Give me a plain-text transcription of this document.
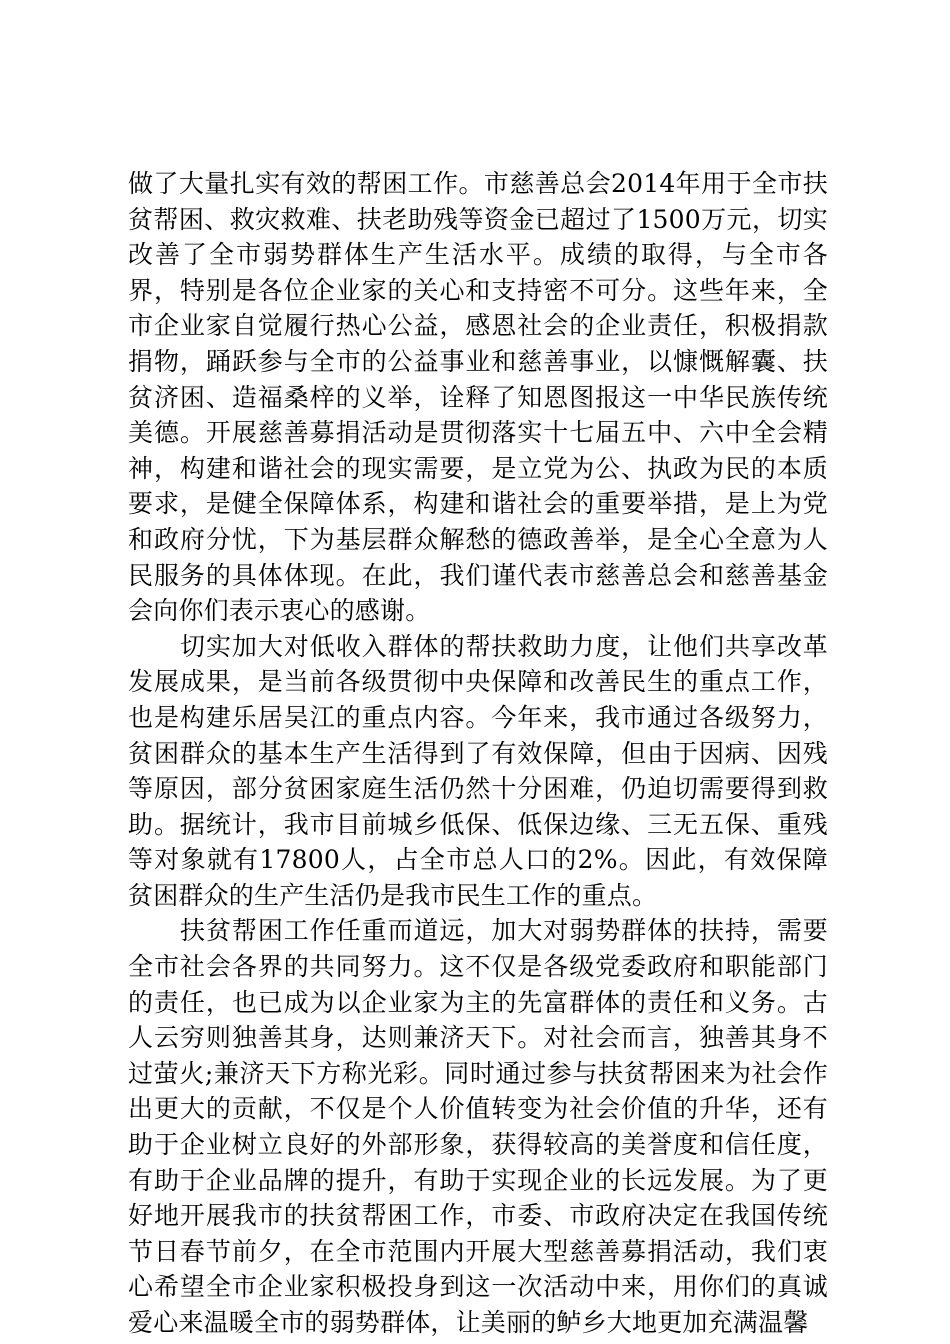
做了大量扎实有效的帮困工作。市慈善总会2014年用于全市扶贫帮困、救灾救难、扶老助残等资金已超过了1500万元，切实改善了全市弱势群体生产生活水平。成绩的取得，与全市各界，特别是各位企业家的关心和支持密不可分。这些年来，全市企业家自觉履行热心公益，感恩社会的企业责任，积极捐款捐物，踊跃参与全市的公益事业和慈善事业，以慷慨解囊、扶贫济困、造福桑梓的义举，诠释了知恩图报这一中华民族传统美德。开展慈善募捐活动是贯彻落实十七届五中、六中全会精神，构建和谐社会的现实需要，是立党为公、执政为民的本质要求，是健全保障体系，构建和谐社会的重要举措，是上为党和政府分忧，下为基层群众解愁的德政善举，是全心全意为人民服务的具体体现。在此，我们谨代表市慈善总会和慈善基金会向你们表示衷心的感谢。

切实加大对低收入群体的帮扶救助力度，让他们共享改革发展成果，是当前各级贯彻中央保障和改善民生的重点工作，也是构建乐居吴江的重点内容。今年来，我市通过各级努力，贫困群众的基本生产生活得到了有效保障，但由于因病、因残等原因，部分贫困家庭生活仍然十分困难，仍迫切需要得到救助。据统计，我市目前城乡低保、低保边缘、三无五保、重残等对象就有17800人，占全市总人口的2%。因此，有效保障贫困群众的生产生活仍是我市民生工作的重点。

扶贫帮困工作任重而道远，加大对弱势群体的扶持，需要全市社会各界的共同努力。这不仅是各级党委政府和职能部门的责任，也已成为以企业家为主的先富群体的责任和义务。古人云穷则独善其身，达则兼济天下。对社会而言，独善其身不过萤火;兼济天下方称光彩。同时通过参与扶贫帮困来为社会作出更大的贡献，不仅是个人价值转变为社会价值的升华，还有助于企业树立良好的外部形象，获得较高的美誉度和信任度，有助于企业品牌的提升，有助于实现企业的长远发展。为了更好地开展我市的扶贫帮困工作，市委、市政府决定在我国传统节日春节前夕，在全市范围内开展大型慈善募捐活动，我们衷心希望全市企业家积极投身到这一次活动中来，用你们的真诚爱心来温暖全市的弱势群体，让美丽的鲈乡大地更加充满温馨
